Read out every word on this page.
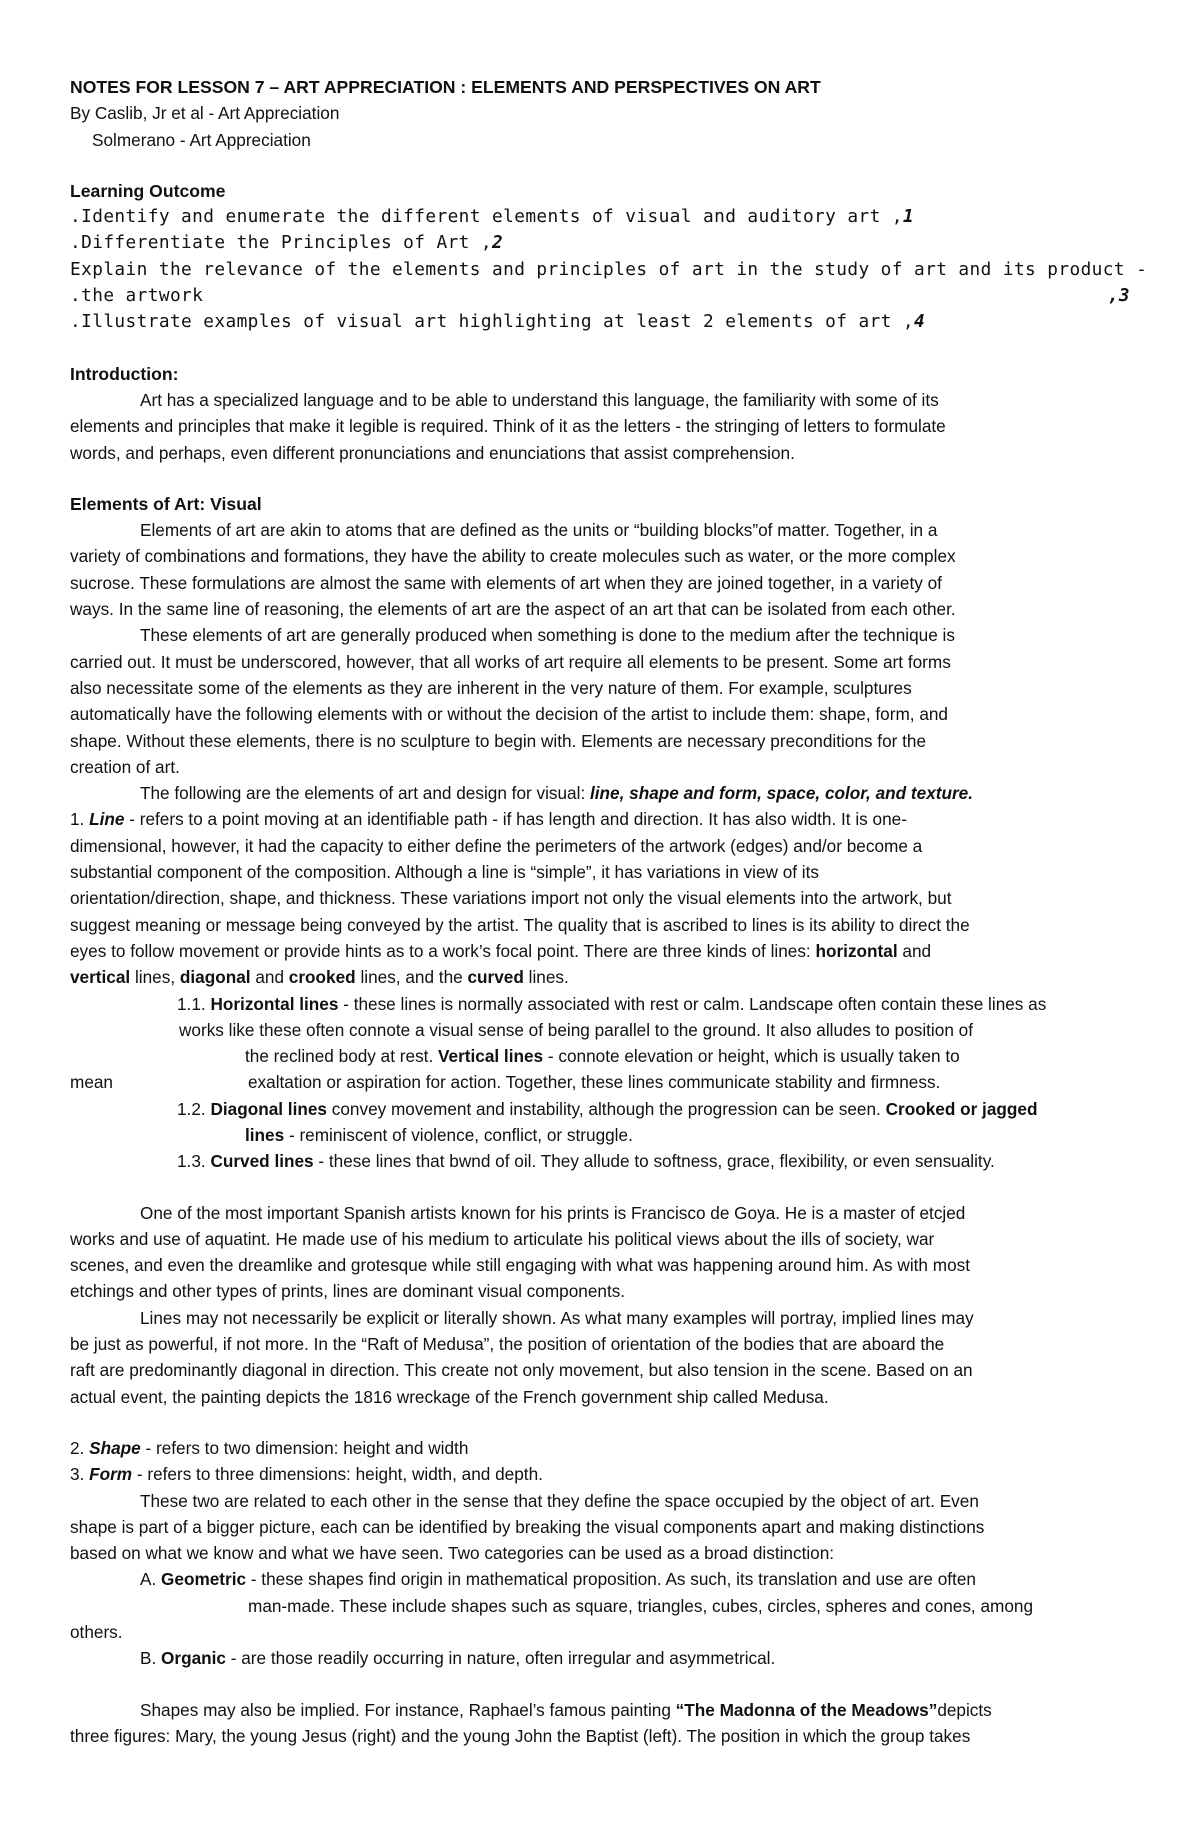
NOTES FOR LESSON 7 – ART APPRECIATION : ELEMENTS AND PERSPECTIVES ON ART
By Caslib, Jr et al - Art Appreciation
Solmerano - Art Appreciation
Learning Outcome
.Identify and enumerate the different elements of visual and auditory art ,1
.Differentiate the Principles of Art ,2
Explain the relevance of the elements and principles of art in the study of art and its product -
,3
.the artwork
.Illustrate examples of visual art highlighting at least 2 elements of art ,4
Introduction:
Art has a specialized language and to be able to understand this language, the familiarity with some of its
elements and principles that make it legible is required. Think of it as the letters - the stringing of letters to formulate
words, and perhaps, even different pronunciations and enunciations that assist comprehension.
Elements of Art: Visual
Elements of art are akin to atoms that are defined as the units or “building blocks”of matter. Together, in a
variety of combinations and formations, they have the ability to create molecules such as water, or the more complex
sucrose. These formulations are almost the same with elements of art when they are joined together, in a variety of
ways. In the same line of reasoning, the elements of art are the aspect of an art that can be isolated from each other.
These elements of art are generally produced when something is done to the medium after the technique is
carried out. It must be underscored, however, that all works of art require all elements to be present. Some art forms
also necessitate some of the elements as they are inherent in the very nature of them. For example, sculptures
automatically have the following elements with or without the decision of the artist to include them: shape, form, and
shape. Without these elements, there is no sculpture to begin with. Elements are necessary preconditions for the
creation of art.
The following are the elements of art and design for visual: line, shape and form, space, color, and texture.
1. Line - refers to a point moving at an identifiable path - if has length and direction. It has also width. It is one-
dimensional, however, it had the capacity to either define the perimeters of the artwork (edges) and/or become a
substantial component of the composition. Although a line is “simple”, it has variations in view of its
orientation/direction, shape, and thickness. These variations import not only the visual elements into the artwork, but
suggest meaning or message being conveyed by the artist. The quality that is ascribed to lines is its ability to direct the
eyes to follow movement or provide hints as to a work’s focal point. There are three kinds of lines: horizontal and
vertical lines, diagonal and crooked lines, and the curved lines.
1.1. Horizontal lines - these lines is normally associated with rest or calm. Landscape often contain these lines as
works like these often connote a visual sense of being parallel to the ground. It also alludes to position of
the reclined body at rest. Vertical lines - connote elevation or height, which is usually taken to
mean	exaltation or aspiration for action. Together, these lines communicate stability and firmness.
1.2. Diagonal lines convey movement and instability, although the progression can be seen. Crooked or jagged
lines - reminiscent of violence, conflict, or struggle.
1.3. Curved lines - these lines that bwnd of oil. They allude to softness, grace, flexibility, or even sensuality.
One of the most important Spanish artists known for his prints is Francisco de Goya. He is a master of etcjed
works and use of aquatint. He made use of his medium to articulate his political views about the ills of society, war
scenes, and even the dreamlike and grotesque while still engaging with what was happening around him. As with most
etchings and other types of prints, lines are dominant visual components.
Lines may not necessarily be explicit or literally shown. As what many examples will portray, implied lines may
be just as powerful, if not more. In the “Raft of Medusa”, the position of orientation of the bodies that are aboard the
raft are predominantly diagonal in direction. This create not only movement, but also tension in the scene. Based on an
actual event, the painting depicts the 1816 wreckage of the French government ship called Medusa.
2. Shape - refers to two dimension: height and width
3. Form - refers to three dimensions: height, width, and depth.
These two are related to each other in the sense that they define the space occupied by the object of art. Even
shape is part of a bigger picture, each can be identified by breaking the visual components apart and making distinctions
based on what we know and what we have seen. Two categories can be used as a broad distinction:
A. Geometric - these shapes find origin in mathematical proposition. As such, its translation and use are often
man-made. These include shapes such as square, triangles, cubes, circles, spheres and cones, among
others.
B. Organic - are those readily occurring in nature, often irregular and asymmetrical.
Shapes may also be implied. For instance, Raphael’s famous painting “The Madonna of the Meadows”depicts
three figures: Mary, the young Jesus (right) and the young John the Baptist (left). The position in which the group takes
